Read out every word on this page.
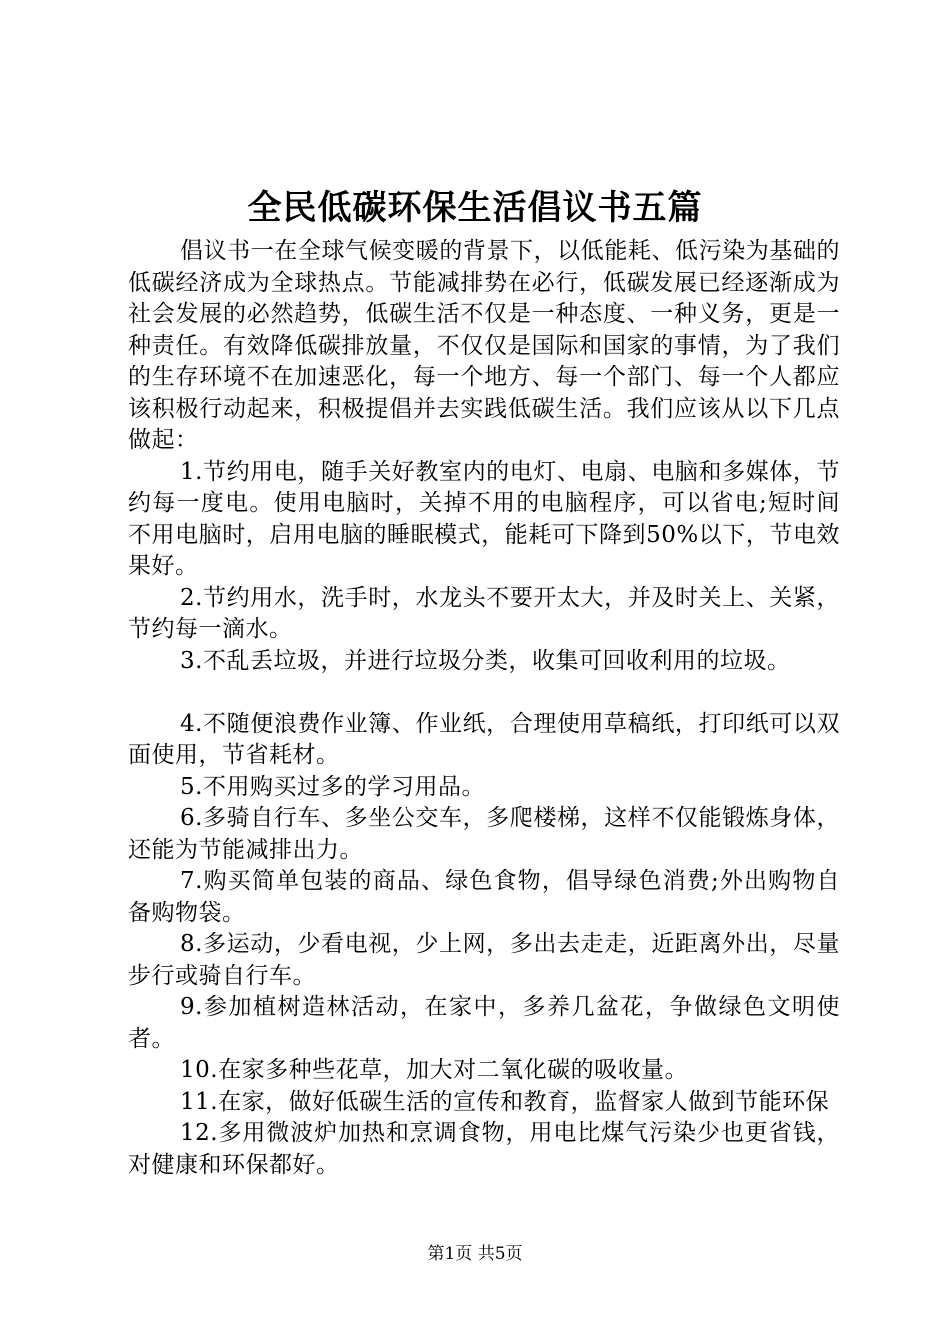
全民低碳环保生活倡议书五篇

倡议书一在全球气候变暖的背景下，以低能耗、低污染为基础的低碳经济成为全球热点。节能减排势在必行，低碳发展已经逐渐成为社会发展的必然趋势，低碳生活不仅是一种态度、一种义务，更是一种责任。有效降低碳排放量，不仅仅是国际和国家的事情，为了我们的生存环境不在加速恶化，每一个地方、每一个部门、每一个人都应该积极行动起来，积极提倡并去实践低碳生活。我们应该从以下几点做起：

1.节约用电，随手关好教室内的电灯、电扇、电脑和多媒体，节约每一度电。使用电脑时，关掉不用的电脑程序，可以省电;短时间不用电脑时，启用电脑的睡眠模式，能耗可下降到50%以下，节电效果好。

2.节约用水，洗手时，水龙头不要开太大，并及时关上、关紧，节约每一滴水。

3.不乱丢垃圾，并进行垃圾分类，收集可回收利用的垃圾。

4.不随便浪费作业簿、作业纸，合理使用草稿纸，打印纸可以双面使用，节省耗材。

5.不用购买过多的学习用品。

6.多骑自行车、多坐公交车，多爬楼梯，这样不仅能锻炼身体，还能为节能减排出力。

7.购买简单包装的商品、绿色食物，倡导绿色消费;外出购物自备购物袋。

8.多运动，少看电视，少上网，多出去走走，近距离外出，尽量步行或骑自行车。

9.参加植树造林活动，在家中，多养几盆花，争做绿色文明使者。

10.在家多种些花草，加大对二氧化碳的吸收量。

11.在家，做好低碳生活的宣传和教育，监督家人做到节能环保

12.多用微波炉加热和烹调食物，用电比煤气污染少也更省钱，对健康和环保都好。

第1页 共5页
